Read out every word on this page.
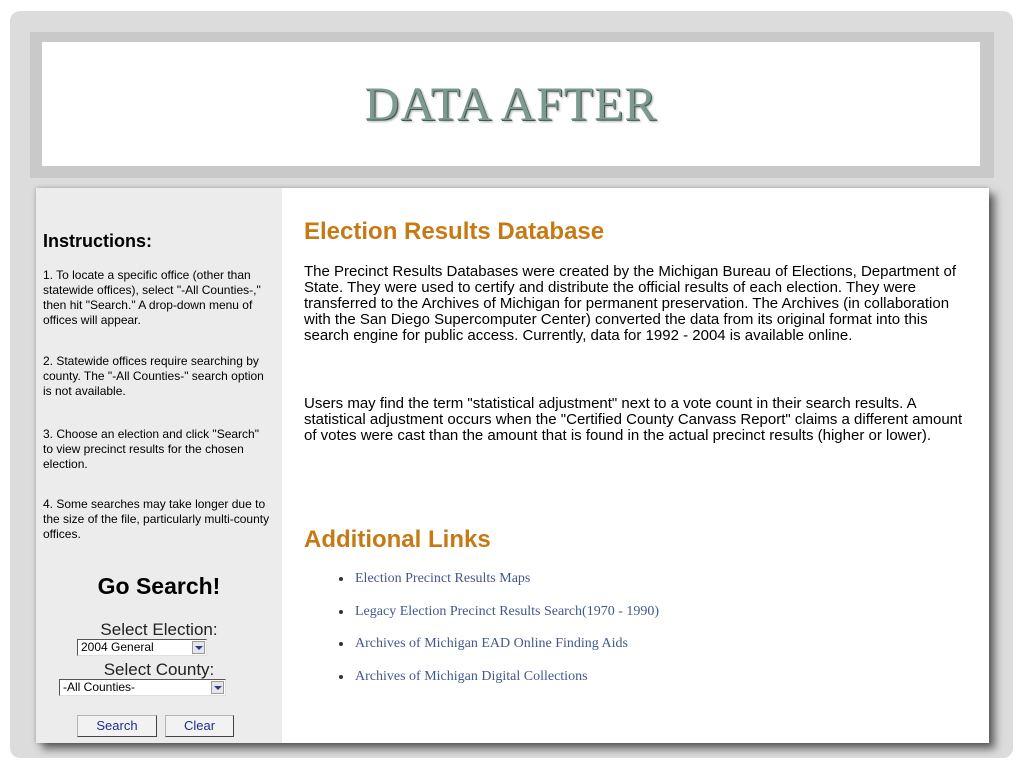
DATA AFTER
Instructions:
1. To locate a specific office (other than statewide offices), select "-All Counties-," then hit "Search." A drop-down menu of offices will appear.
2. Statewide offices require searching by county. The "-All Counties-" search option is not available.
3. Choose an election and click "Search" to view precinct results for the chosen election.
4. Some searches may take longer due to the size of the file, particularly multi-county offices.
Go Search!
Select Election:
2004 General
Select County:
-All Counties-
Search	Clear
Election Results Database
The Precinct Results Databases were created by the Michigan Bureau of Elections, Department of State. They were used to certify and distribute the official results of each election. They were transferred to the Archives of Michigan for permanent preservation. The Archives (in collaboration with the San Diego Supercomputer Center) converted the data from its original format into this search engine for public access. Currently, data for 1992 - 2004 is available online.
Users may find the term "statistical adjustment" next to a vote count in their search results. A statistical adjustment occurs when the "Certified County Canvass Report" claims a different amount of votes were cast than the amount that is found in the actual precinct results (higher or lower).
Additional Links
Election Precinct Results Maps
Legacy Election Precinct Results Search(1970 - 1990)
Archives of Michigan EAD Online Finding Aids
Archives of Michigan Digital Collections
